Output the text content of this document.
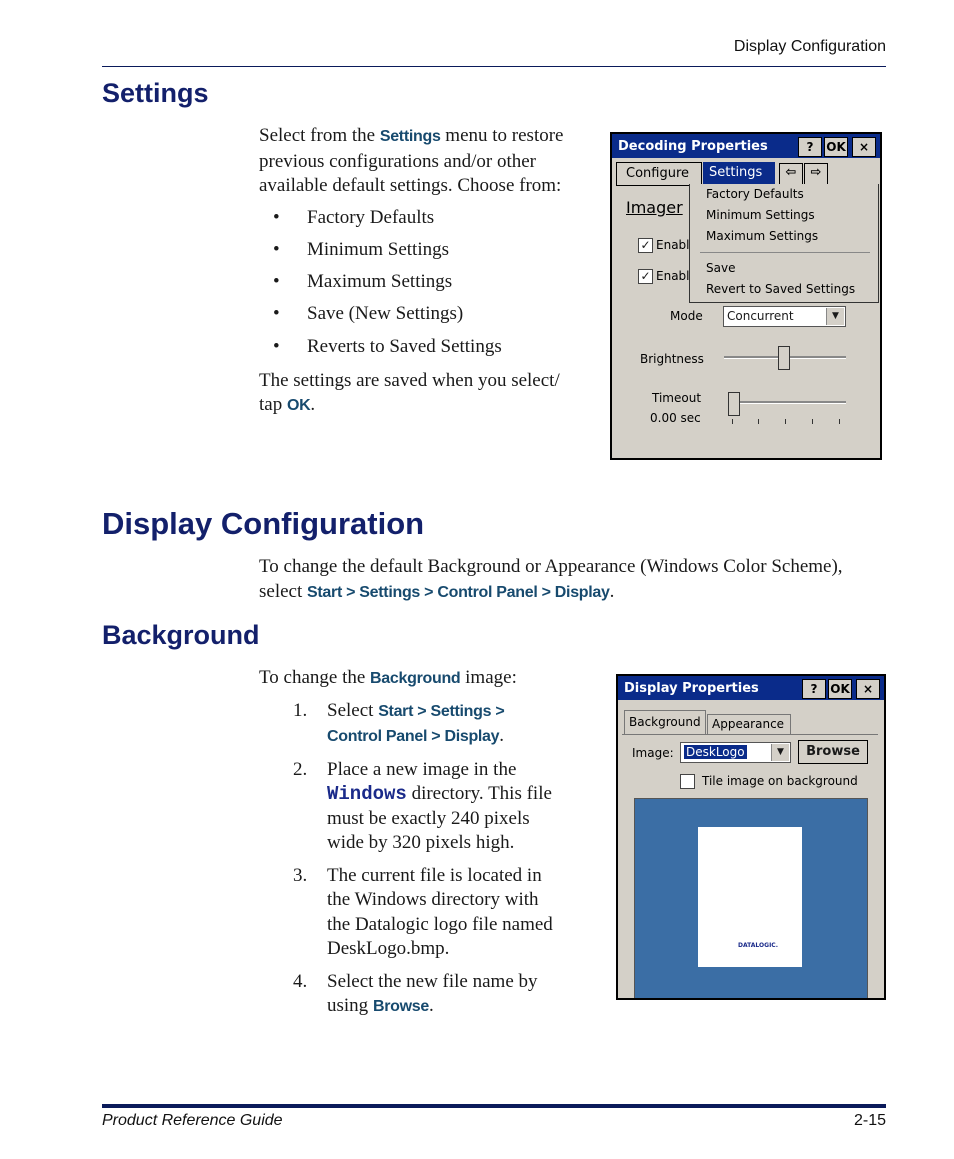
Display Configuration
Settings
Select from the Settings menu to restore previous configurations and/or other available default settings. Choose from:
• Factory Defaults
• Minimum Settings
• Maximum Settings
• Save (New Settings)
• Reverts to Saved Settings
The settings are saved when you select/ tap OK.
Decoding Properties	?	OK	×
Configure Settings	⇦	⇨
Imager
✓ Enabl
✓ Enabl
Factory Defaults
Minimum Settings
Maximum Settings
Save
Revert to Saved Settings
Mode	Concurrent	▼
Brightness
Timeout
0.00 sec
Display Configuration
To change the default Background or Appearance (Windows Color Scheme), select Start > Settings > Control Panel > Display.
Background
To change the Background image:
1. Select Start > Settings > Control Panel > Display.
2. Place a new image in the Windows directory. This file must be exactly 240 pixels wide by 320 pixels high.
3. The current file is located in the Windows directory with the Datalogic logo file named DeskLogo.bmp.
4. Select the new file name by using Browse.
Display Properties	?	OK	×
Background Appearance
Image:	DeskLogo	▼	Browse
Tile image on background
DATALOGIC.
Product Reference Guide	2-15
